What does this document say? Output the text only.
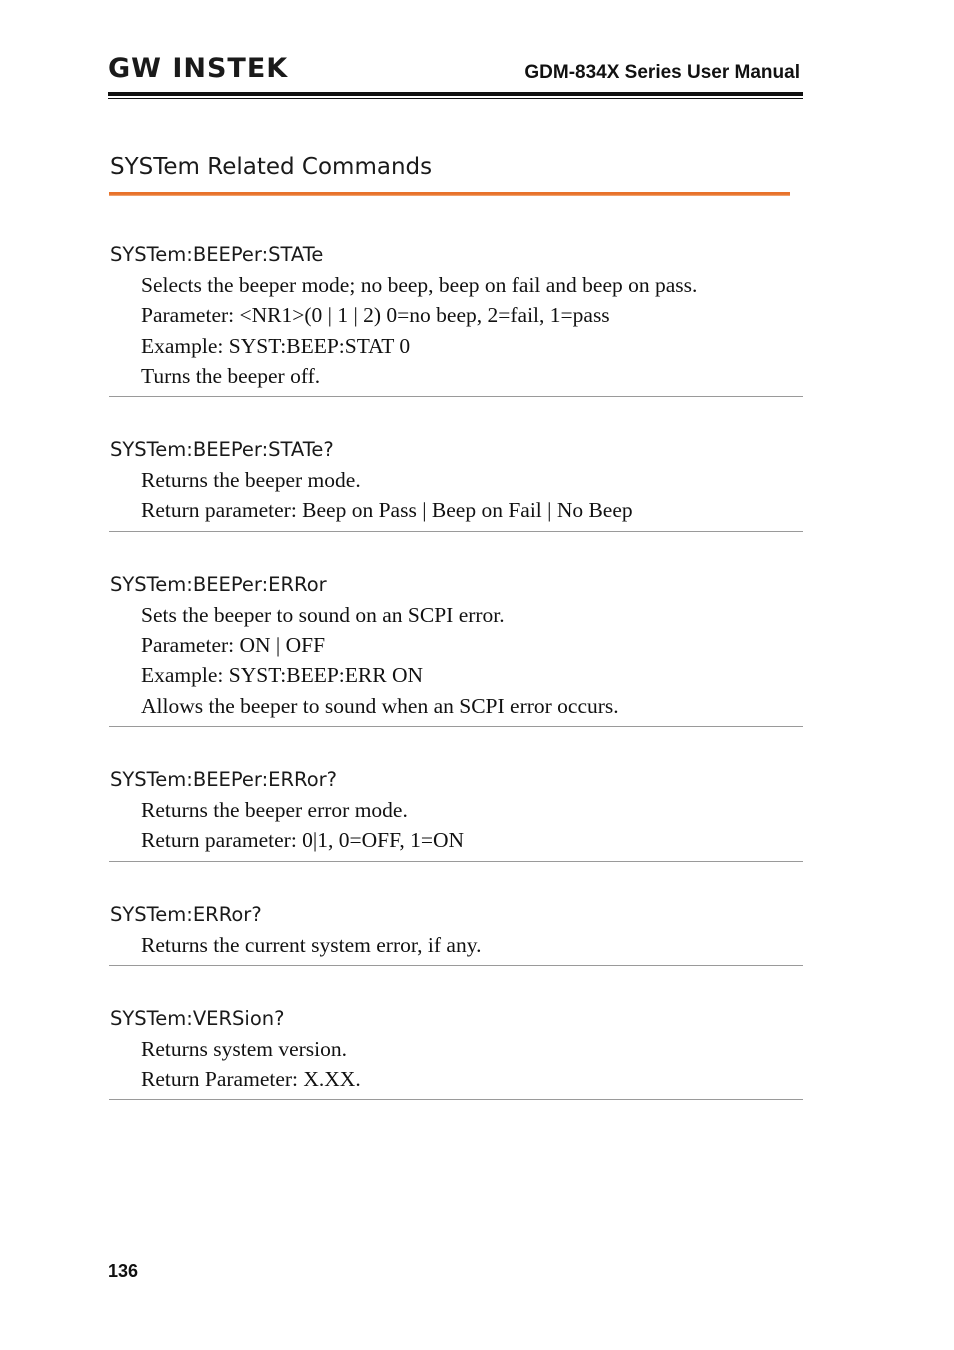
GW INSTEK	GDM-834X Series User Manual
SYSTem Related Commands
SYSTem:BEEPer:STATe
Selects the beeper mode; no beep, beep on fail and beep on pass.
Parameter: <NR1>(0 | 1 | 2) 0=no beep, 2=fail, 1=pass
Example: SYST:BEEP:STAT 0
Turns the beeper off.
SYSTem:BEEPer:STATe?
Returns the beeper mode.
Return parameter: Beep on Pass | Beep on Fail | No Beep
SYSTem:BEEPer:ERRor
Sets the beeper to sound on an SCPI error.
Parameter: ON | OFF
Example: SYST:BEEP:ERR ON
Allows the beeper to sound when an SCPI error occurs.
SYSTem:BEEPer:ERRor?
Returns the beeper error mode.
Return parameter: 0|1, 0=OFF, 1=ON
SYSTem:ERRor?
Returns the current system error, if any.
SYSTem:VERSion?
Returns system version.
Return Parameter: X.XX.
136
